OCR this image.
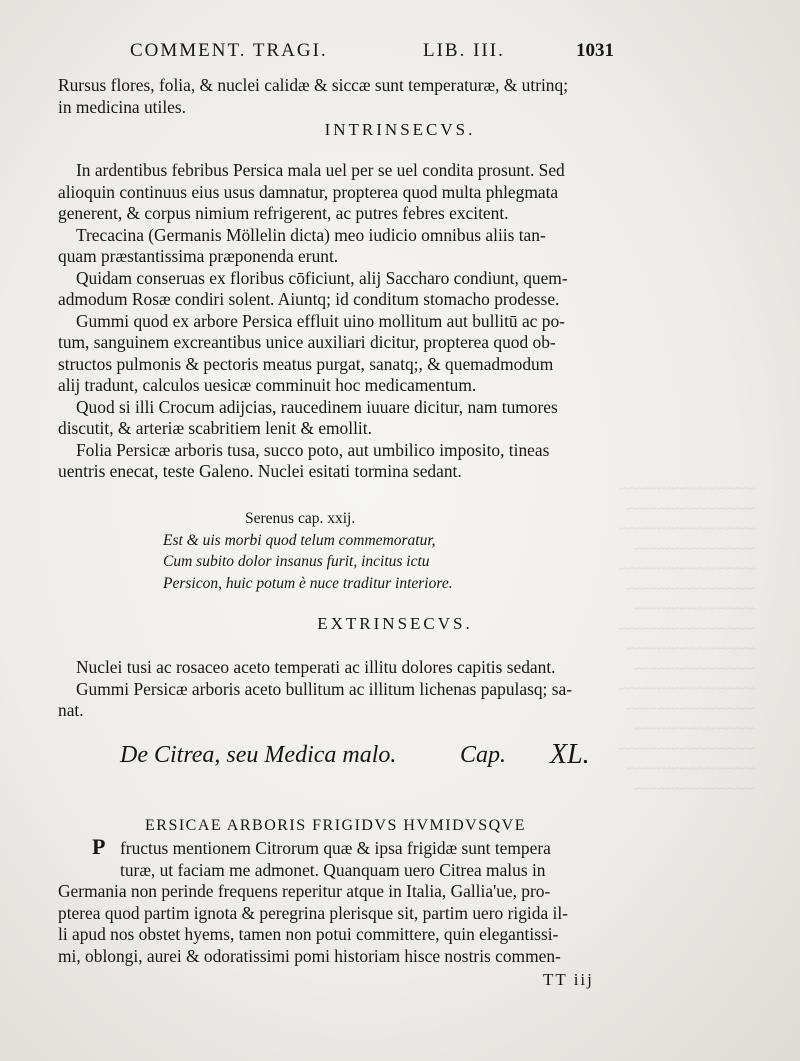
~~~~~~~~~~~~~~~~~~
~~~~~~~~~~~~~~~~~
~~~~~~~~~~~~~~~~~~
~~~~~~~~~~~~~~~~
~~~~~~~~~~~~~~~~~~
~~~~~~~~~~~~~~~~~
~~~~~~~~~~~~~~~~
~~~~~~~~~~~~~~~~~~
~~~~~~~~~~~~~~~~~
~~~~~~~~~~~~~~~~
~~~~~~~~~~~~~~~~~~
~~~~~~~~~~~~~~~~~
~~~~~~~~~~~~~~~~
~~~~~~~~~~~~~~~~~~
~~~~~~~~~~~~~~~~~
~~~~~~~~~~~~~~~~
COMMENT. TRAGI.	LIB. III.	1031
Rursus flores, folia, & nuclei calidæ & siccæ sunt temperaturæ, & utrinq;
in medicina utiles.
INTRINSECVS.
In ardentibus febribus Persica mala uel per se uel condita prosunt. Sed
alioquin continuus eius usus damnatur, propterea quod multa phlegmata
generent, & corpus nimium refrigerent, ac putres febres excitent.
Trecacina (Germanis Möllelin dicta) meo iudicio omnibus aliis tan-
quam præstantissima præponenda erunt.
Quidam conseruas ex floribus cōficiunt, alij Saccharo condiunt, quem-
admodum Rosæ condiri solent. Aiuntq; id conditum stomacho prodesse.
Gummi quod ex arbore Persica effluit uino mollitum aut bullitū ac po-
tum, sanguinem excreantibus unice auxiliari dicitur, propterea quod ob-
structos pulmonis & pectoris meatus purgat, sanatq;, & quemadmodum
alij tradunt, calculos uesicæ comminuit hoc medicamentum.
Quod si illi Crocum adijcias, raucedinem iuuare dicitur, nam tumores
discutit, & arteriæ scabritiem lenit & emollit.
Folia Persicæ arboris tusa, succo poto, aut umbilico imposito, tineas
uentris enecat, teste Galeno. Nuclei esitati tormina sedant.
Serenus cap. xxij.
Est & uis morbi quod telum commemoratur,
Cum subito dolor insanus furit, incitus ictu
Persicon, huic potum è nuce traditur interiore.
EXTRINSECVS.
Nuclei tusi ac rosaceo aceto temperati ac illitu dolores capitis sedant.
Gummi Persicæ arboris aceto bullitum ac illitum lichenas papulasq; sa-
nat.
De Citrea, seu Medica malo.	Cap. XL.
P
ERSICAE ARBORIS FRIGIDVS HVMIDVSQVE
fructus mentionem Citrorum quæ & ipsa frigidæ sunt tempera
turæ, ut faciam me admonet. Quanquam uero Citrea malus in
Germania non perinde frequens reperitur atque in Italia, Gallia'ue, pro-
pterea quod partim ignota & peregrina plerisque sit, partim uero rigida il-
li apud nos obstet hyems, tamen non potui committere, quin elegantissi-
mi, oblongi, aurei & odoratissimi pomi historiam hisce nostris commen-
TT iij
